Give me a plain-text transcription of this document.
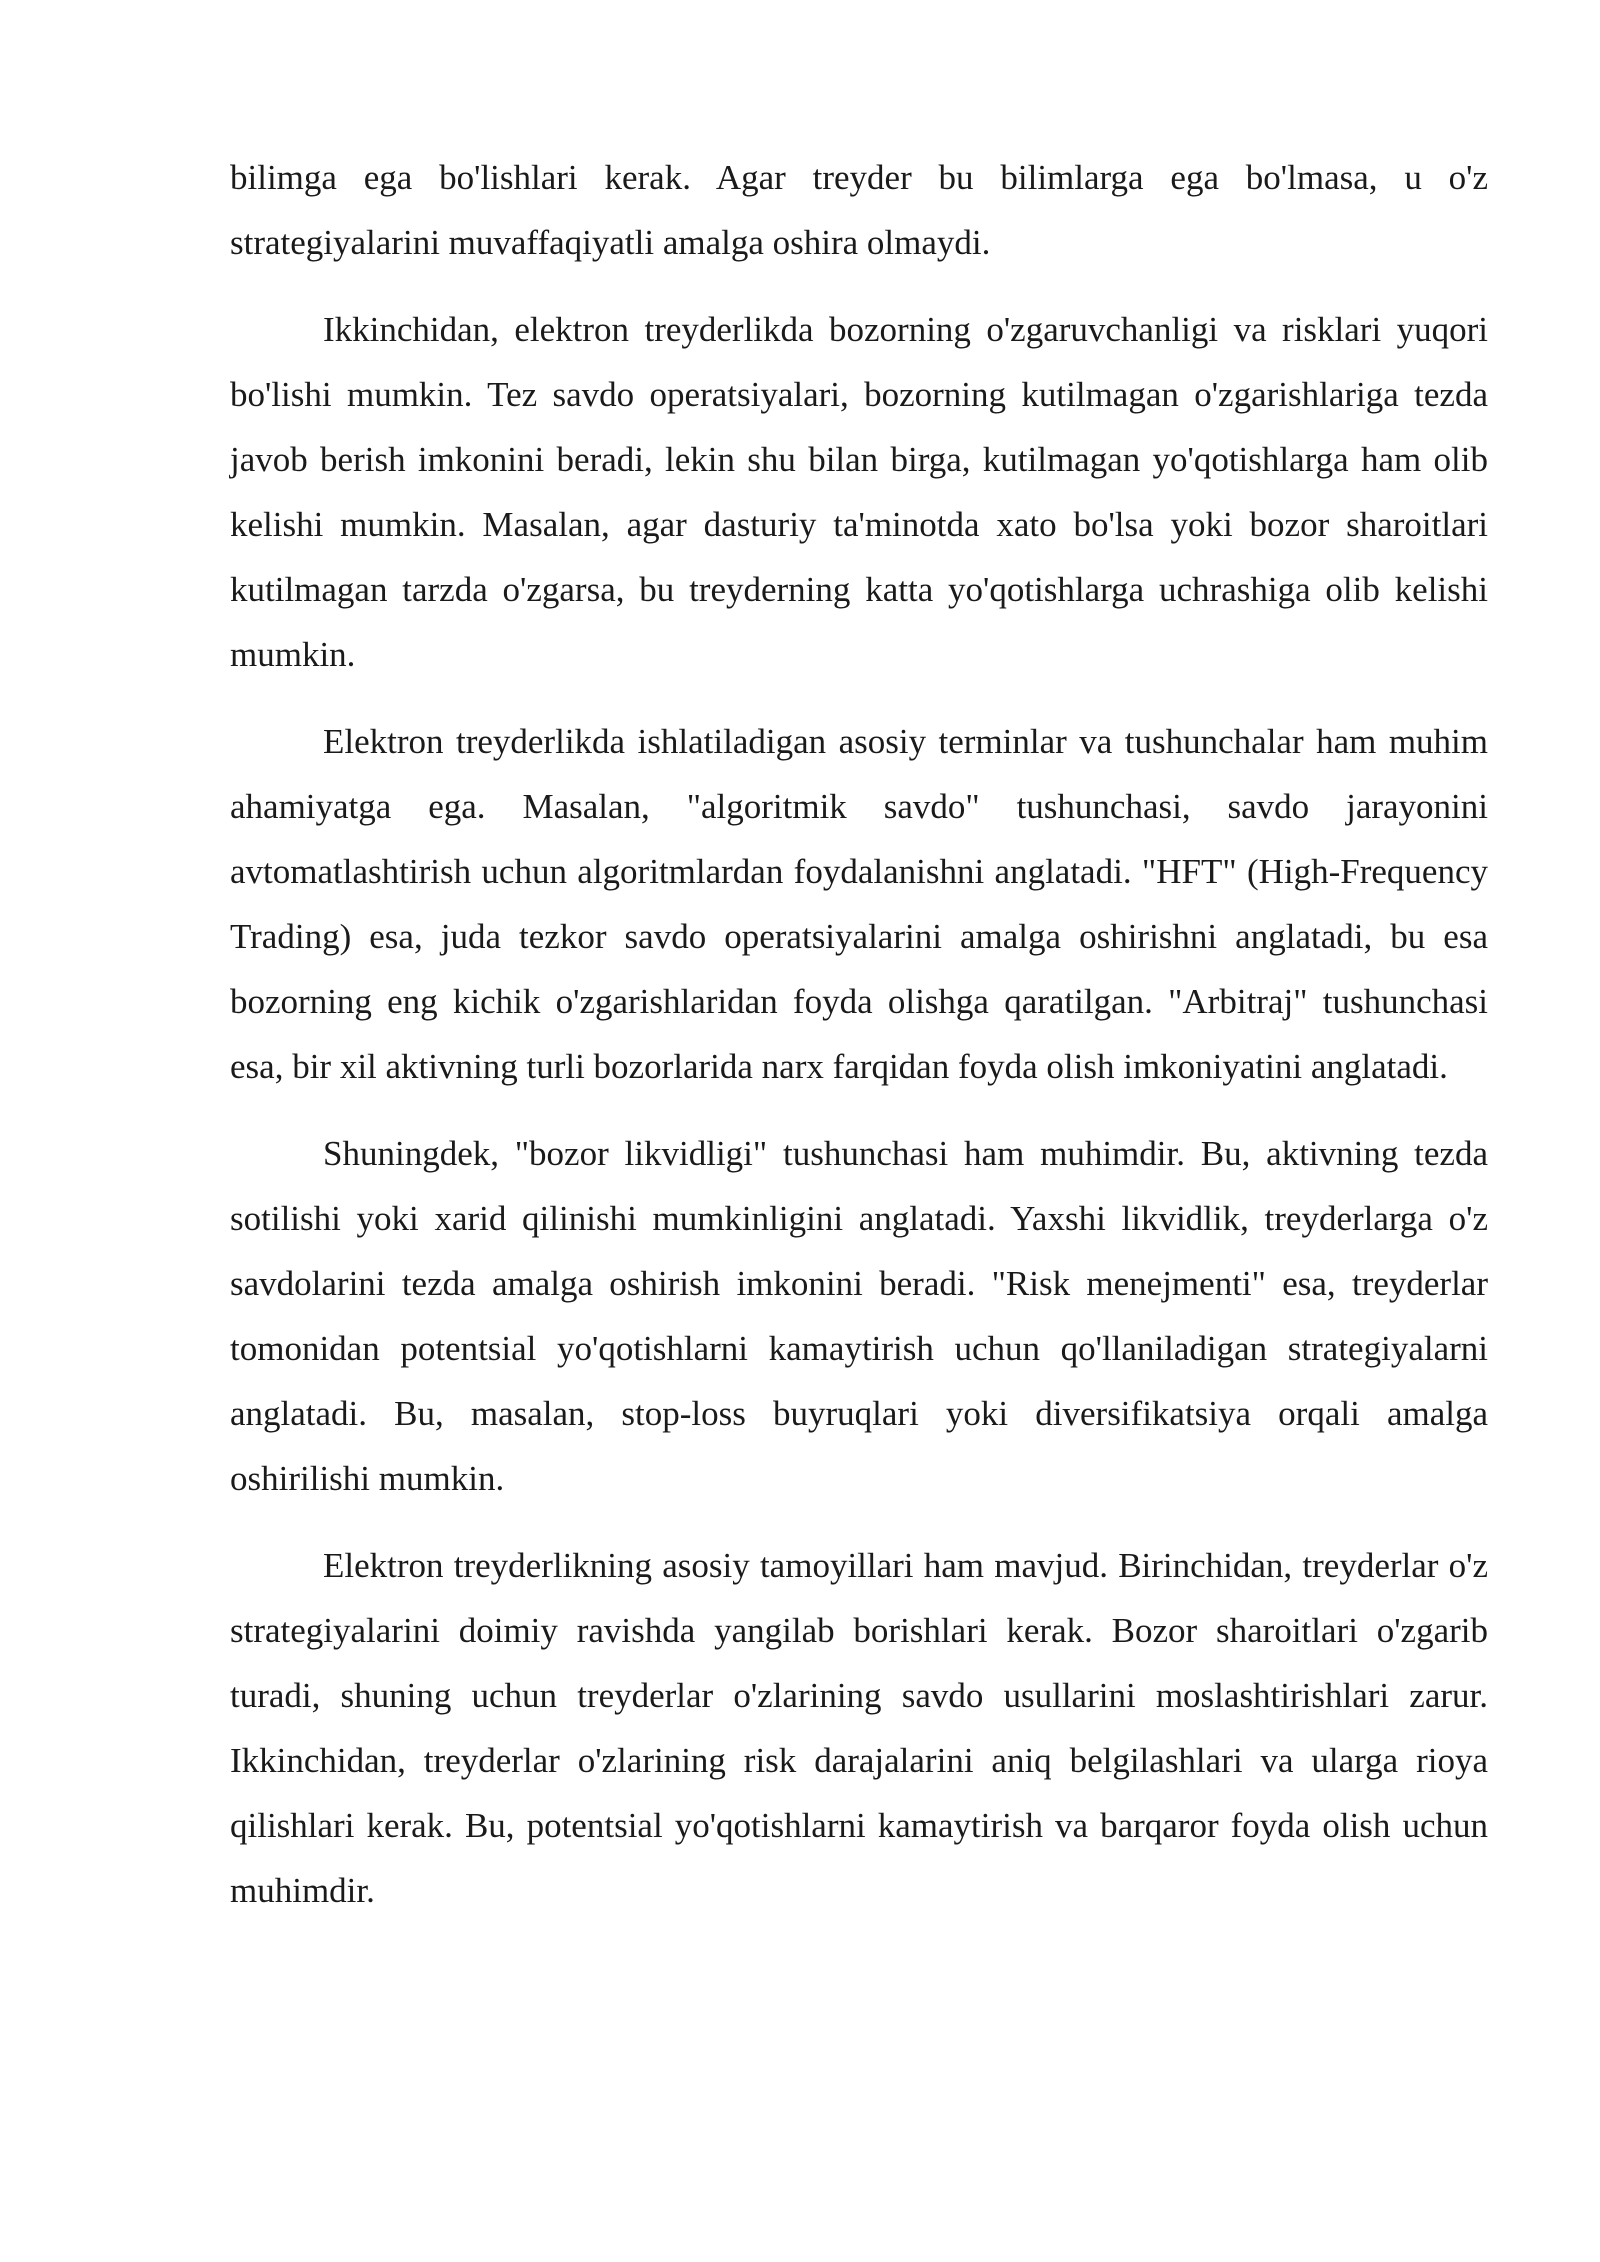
bilimga ega bo'lishlari kerak. Agar treyder bu bilimlarga ega bo'lmasa, u o'z strategiyalarini muvaffaqiyatli amalga oshira olmaydi.

Ikkinchidan, elektron treyderlikda bozorning o'zgaruvchanligi va risklari yuqori bo'lishi mumkin. Tez savdo operatsiyalari, bozorning kutilmagan o'zgarishlariga tezda javob berish imkonini beradi, lekin shu bilan birga, kutilmagan yo'qotishlarga ham olib kelishi mumkin. Masalan, agar dasturiy ta'minotda xato bo'lsa yoki bozor sharoitlari kutilmagan tarzda o'zgarsa, bu treyderning katta yo'qotishlarga uchrashiga olib kelishi mumkin.

Elektron treyderlikda ishlatiladigan asosiy terminlar va tushunchalar ham muhim ahamiyatga ega. Masalan, "algoritmik savdo" tushunchasi, savdo jarayonini avtomatlashtirish uchun algoritmlardan foydalanishni anglatadi. "HFT" (High-Frequency Trading) esa, juda tezkor savdo operatsiyalarini amalga oshirishni anglatadi, bu esa bozorning eng kichik o'zgarishlaridan foyda olishga qaratilgan. "Arbitraj" tushunchasi esa, bir xil aktivning turli bozorlarida narx farqidan foyda olish imkoniyatini anglatadi.

Shuningdek, "bozor likvidligi" tushunchasi ham muhimdir. Bu, aktivning tezda sotilishi yoki xarid qilinishi mumkinligini anglatadi. Yaxshi likvidlik, treyderlarga o'z savdolarini tezda amalga oshirish imkonini beradi. "Risk menejmenti" esa, treyderlar tomonidan potentsial yo'qotishlarni kamaytirish uchun qo'llaniladigan strategiyalarni anglatadi. Bu, masalan, stop-loss buyruqlari yoki diversifikatsiya orqali amalga oshirilishi mumkin.

Elektron treyderlikning asosiy tamoyillari ham mavjud. Birinchidan, treyderlar o'z strategiyalarini doimiy ravishda yangilab borishlari kerak. Bozor sharoitlari o'zgarib turadi, shuning uchun treyderlar o'zlarining savdo usullarini moslashtirishlari zarur. Ikkinchidan, treyderlar o'zlarining risk darajalarini aniq belgilashlari va ularga rioya qilishlari kerak. Bu, potentsial yo'qotishlarni kamaytirish va barqaror foyda olish uchun muhimdir.
